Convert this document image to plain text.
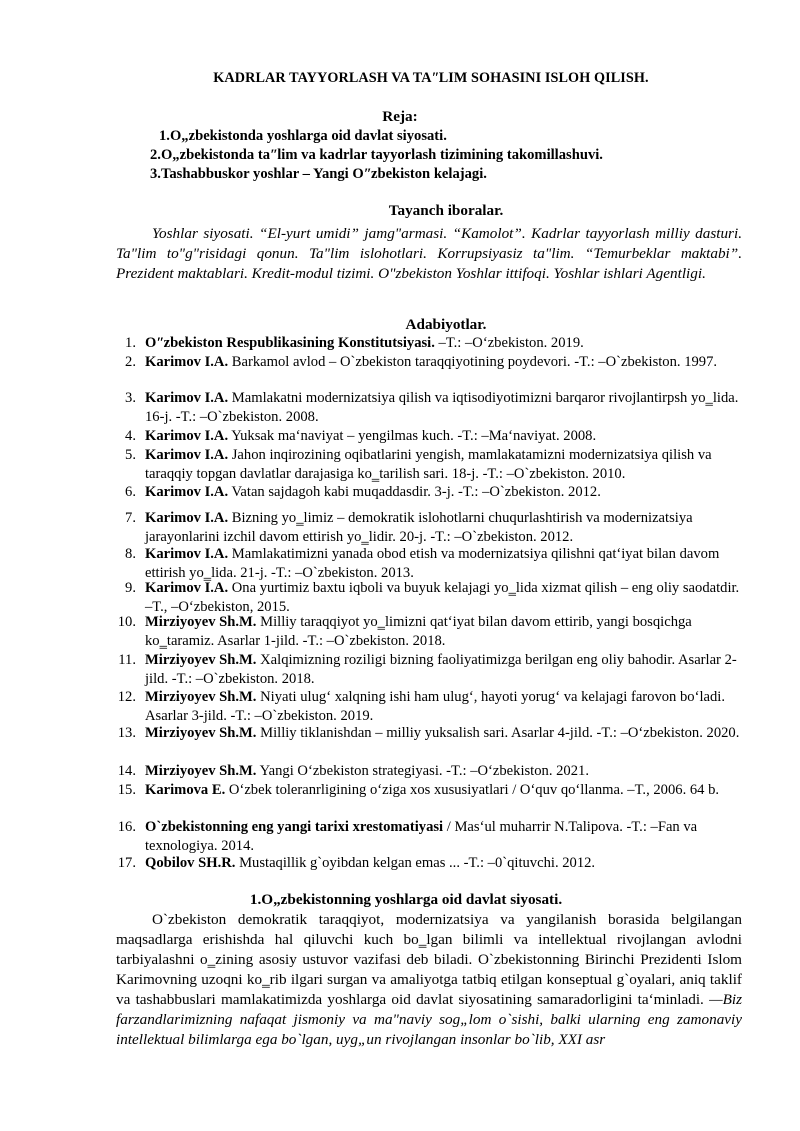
KADRLAR TAYYORLASH VA TAʺLIM SOHASINI ISLOH QILISH.
Reja:
1.O„zbekistonda yoshlarga oid davlat siyosati.
2.O„zbekistonda taʺlim va kadrlar tayyorlash tizimining takomillashuvi.
3.Tashabbuskor yoshlar – Yangi Oʺzbekiston kelajagi.
Tayanch iboralar.
Yoshlar siyosati. “El-yurt umidi” jamgʺarmasi. “Kamolot”. Kadrlar tayyorlash milliy dasturi. Taʺlim toʺgʺrisidagi qonun. Taʺlim islohotlari. Korrupsiyasiz taʺlim. “Temurbeklar maktabi”. Prezident maktablari. Kredit-modul tizimi. Oʺzbekiston Yoshlar ittifoqi. Yoshlar ishlari Agentligi.
Adabiyotlar.
1. Oʺzbekiston Respublikasining Konstitutsiyasi. –T.: –O‘zbekiston. 2019.
2. Karimov I.A. Barkamol avlod – O`zbekiston taraqqiyotining poydevori. -T.: –O`zbekiston. 1997.
3. Karimov I.A. Mamlakatni modernizatsiya qilish va iqtisodiyotimizni barqaror rivojlantirpsh yo‗lida. 16-j. -T.: –O`zbekiston. 2008.
4. Karimov I.A. Yuksak maʻnaviyat – yengilmas kuch. -T.: –Maʻnaviyat. 2008.
5. Karimov I.A. Jahon inqirozining oqibatlarini yengish, mamlakatamizni modernizatsiya qilish va taraqqiy topgan davlatlar darajasiga ko‗tarilish sari. 18-j. -T.: –O`zbekiston. 2010.
6. Karimov I.A. Vatan sajdagoh kabi muqaddasdir. 3-j. -T.: –O`zbekiston. 2012.
7. Karimov I.A. Bizning yo‗limiz – demokratik islohotlarni chuqurlashtirish va modernizatsiya jarayonlarini izchil davom ettirish yo‗lidir. 20-j. -T.: –O`zbekiston. 2012.
8. Karimov I.A. Mamlakatimizni yanada obod etish va modernizatsiya qilishni qatʻiyat bilan davom ettirish yo‗lida. 21-j. -T.: –O`zbekiston. 2013.
9. Karimov I.A. Ona yurtimiz baxtu iqboli va buyuk kelajagi yo‗lida xizmat qilish – eng oliy saodatdir. –T., –O‘zbekiston, 2015.
10. Mirziyoyev Sh.M. Milliy taraqqiyot yo‗limizni qatʻiyat bilan davom ettirib, yangi bosqichga ko‗taramiz. Asarlar 1-jild. -T.: –O`zbekiston. 2018.
11. Mirziyoyev Sh.M. Xalqimizning roziligi bizning faoliyatimizga berilgan eng oliy bahodir. Asarlar 2-jild. -T.: –O`zbekiston. 2018.
12. Mirziyoyev Sh.M. Niyati ulug‘ xalqning ishi ham ulug‘, hayoti yorug‘ va kelajagi farovon bo‘ladi. Asarlar 3-jild. -T.: –O`zbekiston. 2019.
13. Mirziyoyev Sh.M. Milliy tiklanishdan – milliy yuksalish sari. Asarlar 4-jild. -T.: –O‘zbekiston. 2020.
14. Mirziyoyev Sh.M. Yangi O‘zbekiston strategiyasi. -T.: –O‘zbekiston. 2021.
15. Karimova E. O‘zbek toleranrligining o‘ziga xos xususiyatlari / O‘quv qo‘llanma. –T., 2006. 64 b.
16. O`zbekistonning eng yangi tarixi xrestomatiyasi / Mas‘ul muharrir N.Talipova. -T.: –Fan va texnologiya. 2014.
17. Qobilov SH.R. Mustaqillik g`oyibdan kelgan emas ... -T.: –0`qituvchi. 2012.
1.O„zbekistonning yoshlarga oid davlat siyosati.
O`zbekiston demokratik taraqqiyot, modernizatsiya va yangilanish borasida belgilangan maqsadlarga erishishda hal qiluvchi kuch bo‗lgan bilimli va intellektual rivojlangan avlodni tarbiyalashni o‗zining asosiy ustuvor vazifasi deb biladi. O`zbekistonning Birinchi Prezidenti Islom Karimovning uzoqni ko‗rib ilgari surgan va amaliyotga tatbiq etilgan konseptual g`oyalari, aniq taklif va tashabbuslari mamlakatimizda yoshlarga oid davlat siyosatining samaradorligini ta‘minladi. —Biz farzandlarimizning nafaqat jismoniy va maʺnaviy sog„lom o`sishi, balki ularning eng zamonaviy intellektual bilimlarga ega bo`lgan, uyg„un rivojlangan insonlar bo`lib, XXI asr
